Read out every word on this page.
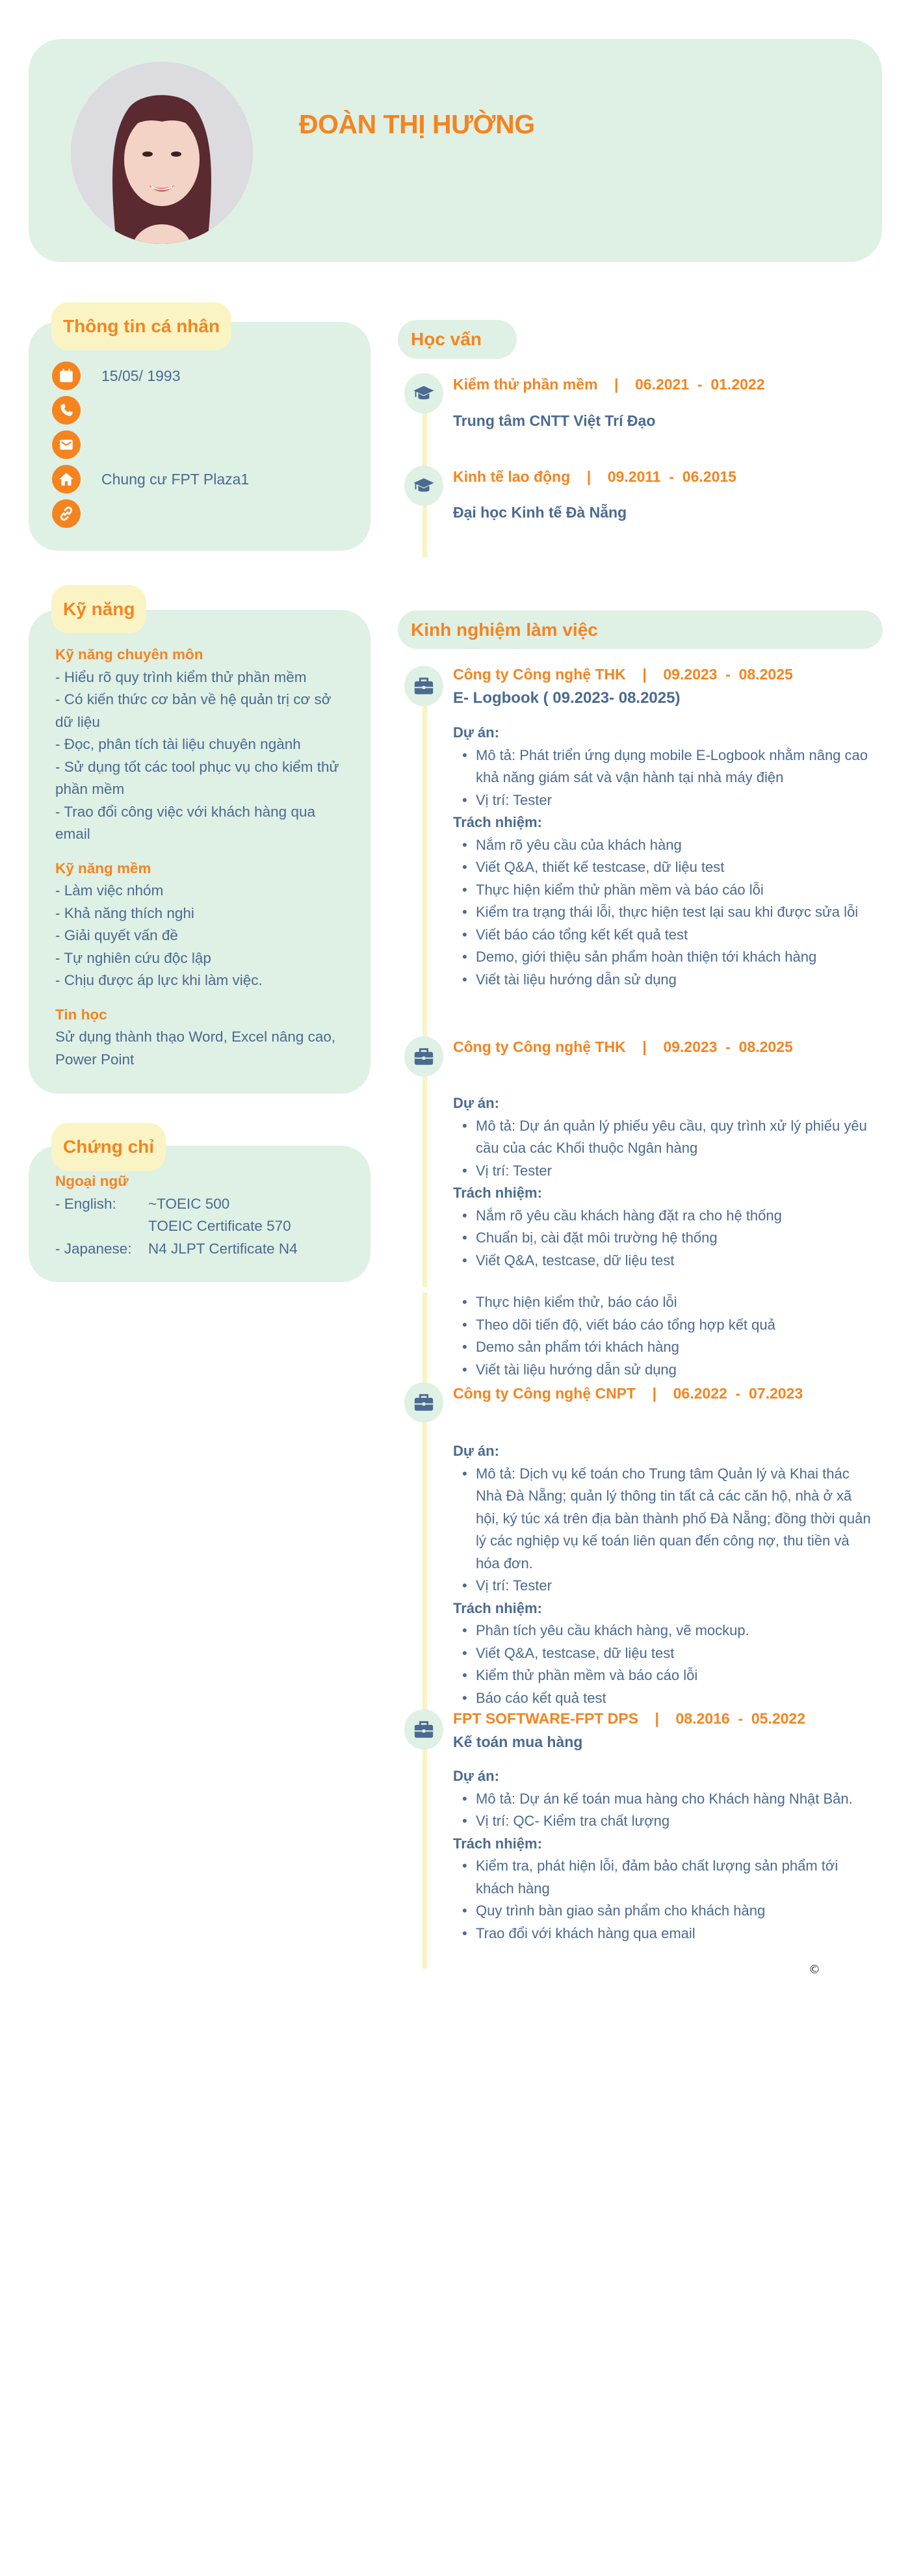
ĐOÀN THỊ HƯỜNG
Thông tin cá nhân
15/05/ 1993
Chung cư FPT Plaza1
Kỹ năng
Kỹ năng chuyên môn
- Hiểu rõ quy trình kiểm thử phần mềm
- Có kiến thức cơ bản về hệ quản trị cơ sở dữ liệu
- Đọc, phân tích tài liệu chuyên ngành
- Sử dụng tốt các tool phục vụ cho kiểm thử phần mềm
- Trao đổi công việc với khách hàng qua email
Kỹ năng mềm
- Làm việc nhóm
- Khả năng thích nghi
- Giải quyết vấn đề
- Tự nghiên cứu độc lập
- Chịu được áp lực khi làm việc.
Tin học
Sử dụng thành thạo Word, Excel nâng cao, Power Point
Chứng chỉ
Ngoại ngữ
- English:	~TOEIC 500
TOEIC Certificate 570
- Japanese:	N4 JLPT Certificate N4
Học vấn
Kiểm thử phần mềm | 06.2021  -  01.2022
Trung tâm CNTT Việt Trí Đạo
Kinh tế lao động | 09.2011  -  06.2015
Đại học Kinh tế Đà Nẵng
Kinh nghiệm làm việc
Công ty Công nghệ THK | 09.2023  -  08.2025
E- Logbook ( 09.2023- 08.2025)
Dự án:
• Mô tả: Phát triển ứng dụng mobile E-Logbook nhằm nâng cao khả năng giám sát và vận hành tại nhà máy điện
• Vị trí: Tester
Trách nhiệm:
• Nắm rõ yêu cầu của khách hàng
• Viết Q&A, thiết kế testcase, dữ liệu test
• Thực hiện kiểm thử phần mềm và báo cáo lỗi
• Kiểm tra trạng thái lỗi, thực hiện test lại sau khi được sửa lỗi
• Viết báo cáo tổng kết kết quả test
• Demo, giới thiệu sản phẩm hoàn thiện tới khách hàng
• Viết tài liệu hướng dẫn sử dụng
Công ty Công nghệ THK | 09.2023  -  08.2025
Dự án:
• Mô tả: Dự án quản lý phiếu yêu cầu, quy trình xử lý phiếu yêu cầu của các Khối thuộc Ngân hàng
• Vị trí: Tester
Trách nhiệm:
• Nắm rõ yêu cầu khách hàng đặt ra cho hệ thống
• Chuẩn bị, cài đặt môi trường hệ thống
• Viết Q&A, testcase, dữ liệu test
• Thực hiện kiểm thử, báo cáo lỗi
• Theo dõi tiến độ, viết báo cáo tổng hợp kết quả
• Demo sản phẩm tới khách hàng
• Viết tài liệu hướng dẫn sử dụng
Công ty Công nghệ CNPT | 06.2022  -  07.2023
Dự án:
• Mô tả: Dịch vụ kế toán cho Trung tâm Quản lý và Khai thác Nhà Đà Nẵng; quản lý thông tin tất cả các căn hộ, nhà ở xã hội, ký túc xá trên địa bàn thành phố Đà Nẵng; đồng thời quản lý các nghiệp vụ kế toán liên quan đến công nợ, thu tiền và hóa đơn.
• Vị trí: Tester
Trách nhiệm:
• Phân tích yêu cầu khách hàng, vẽ mockup.
• Viết Q&A, testcase, dữ liệu test
• Kiểm thử phần mềm và báo cáo lỗi
• Báo cáo kết quả test
FPT SOFTWARE-FPT DPS | 08.2016  -  05.2022
Kế toán mua hàng
Dự án:
• Mô tả: Dự án kế toán mua hàng cho Khách hàng Nhật Bản.
• Vị trí: QC- Kiểm tra chất lượng
Trách nhiệm:
• Kiểm tra, phát hiện lỗi, đảm bảo chất lượng sản phẩm tới khách hàng
• Quy trình bàn giao sản phẩm cho khách hàng
• Trao đổi với khách hàng qua email
©
